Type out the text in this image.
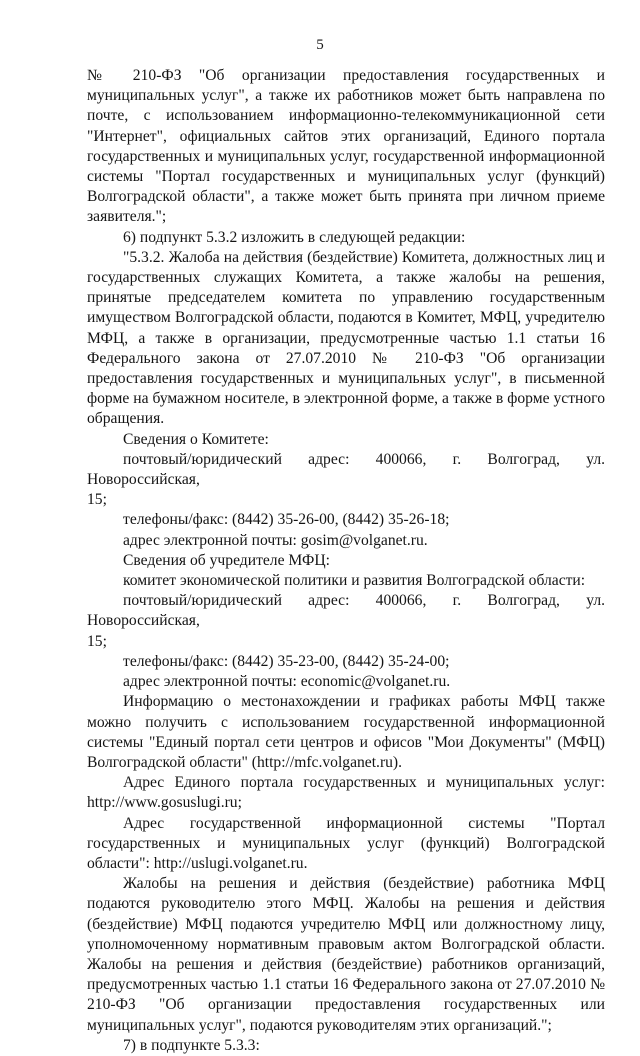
5

№ 210-ФЗ "Об организации предоставления государственных и муниципальных услуг", а также их работников может быть направлена по почте, с использованием информационно-телекоммуникационной сети "Интернет", официальных сайтов этих организаций, Единого портала государственных и муниципальных услуг, государственной информационной системы "Портал государственных и муниципальных услуг (функций) Волгоградской области", а также может быть принята при личном приеме заявителя.";

6) подпункт 5.3.2 изложить в следующей редакции:

"5.3.2. Жалоба на действия (бездействие) Комитета, должностных лиц и государственных служащих Комитета, а также жалобы на решения, принятые председателем комитета по управлению государственным имуществом Волгоградской области, подаются в Комитет, МФЦ, учредителю МФЦ, а также в организации, предусмотренные частью 1.1 статьи 16 Федерального закона от 27.07.2010 № 210-ФЗ "Об организации предоставления государственных и муниципальных услуг", в письменной форме на бумажном носителе, в электронной форме, а также в форме устного обращения.

Сведения о Комитете:

почтовый/юридический адрес: 400066, г. Волгоград, ул. Новороссийская,

15;

телефоны/факс: (8442) 35-26-00, (8442) 35-26-18;

адрес электронной почты: gosim@volganet.ru.

Сведения об учредителе МФЦ:

комитет экономической политики и развития Волгоградской области:

почтовый/юридический адрес: 400066, г. Волгоград, ул. Новороссийская,

15;

телефоны/факс: (8442) 35-23-00, (8442) 35-24-00;

адрес электронной почты: economic@volganet.ru.

Информацию о местонахождении и графиках работы МФЦ также можно получить с использованием государственной информационной системы "Единый портал сети центров и офисов "Мои Документы" (МФЦ) Волгоградской области" (http://mfc.volganet.ru).

Адрес Единого портала государственных и муниципальных услуг: http://www.gosuslugi.ru;

Адрес государственной информационной системы "Портал государственных и муниципальных услуг (функций) Волгоградской области": http://uslugi.volganet.ru.

Жалобы на решения и действия (бездействие) работника МФЦ подаются руководителю этого МФЦ. Жалобы на решения и действия (бездействие) МФЦ подаются учредителю МФЦ или должностному лицу, уполномоченному нормативным правовым актом Волгоградской области. Жалобы на решения и действия (бездействие) работников организаций, предусмотренных частью 1.1 статьи 16 Федерального закона от 27.07.2010 № 210-ФЗ "Об организации предоставления государственных или муниципальных услуг", подаются руководителям этих организаций.";

7) в подпункте 5.3.3:
